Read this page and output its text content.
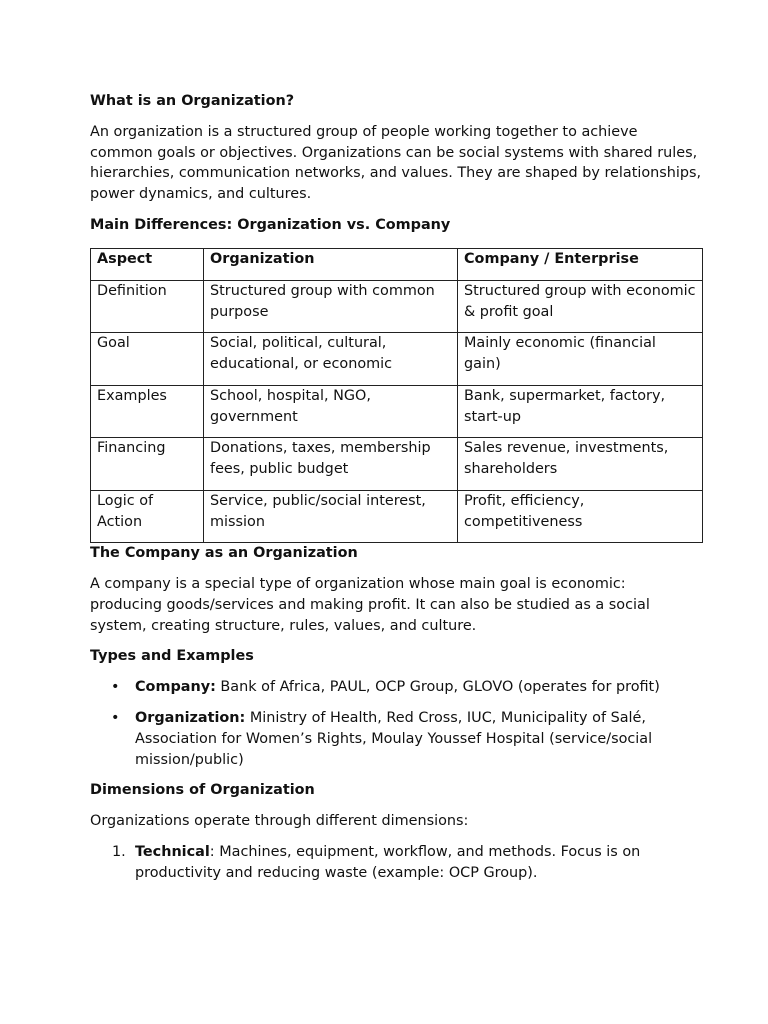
What is an Organization?

An organization is a structured group of people working together to achieve common goals or objectives. Organizations can be social systems with shared rules, hierarchies, communication networks, and values. They are shaped by relationships, power dynamics, and cultures.

Main Differences: Organization vs. Company
Aspect	Organization	Company / Enterprise
Definition	Structured group with common purpose	Structured group with economic & profit goal
Goal	Social, political, cultural, educational, or economic	Mainly economic (financial gain)
Examples	School, hospital, NGO, government	Bank, supermarket, factory, start-up
Financing	Donations, taxes, membership fees, public budget	Sales revenue, investments, shareholders
Logic of Action	Service, public/social interest, mission	Profit, efficiency, competitiveness
The Company as an Organization

A company is a special type of organization whose main goal is economic: producing goods/services and making profit. It can also be studied as a social system, creating structure, rules, values, and culture.

Types and Examples
• Company: Bank of Africa, PAUL, OCP Group, GLOVO (operates for profit)
• Organization: Ministry of Health, Red Cross, IUC, Municipality of Salé, Association for Women’s Rights, Moulay Youssef Hospital (service/social mission/public)
Dimensions of Organization

Organizations operate through different dimensions:

1. Technical: Machines, equipment, workflow, and methods. Focus is on productivity and reducing waste (example: OCP Group).
